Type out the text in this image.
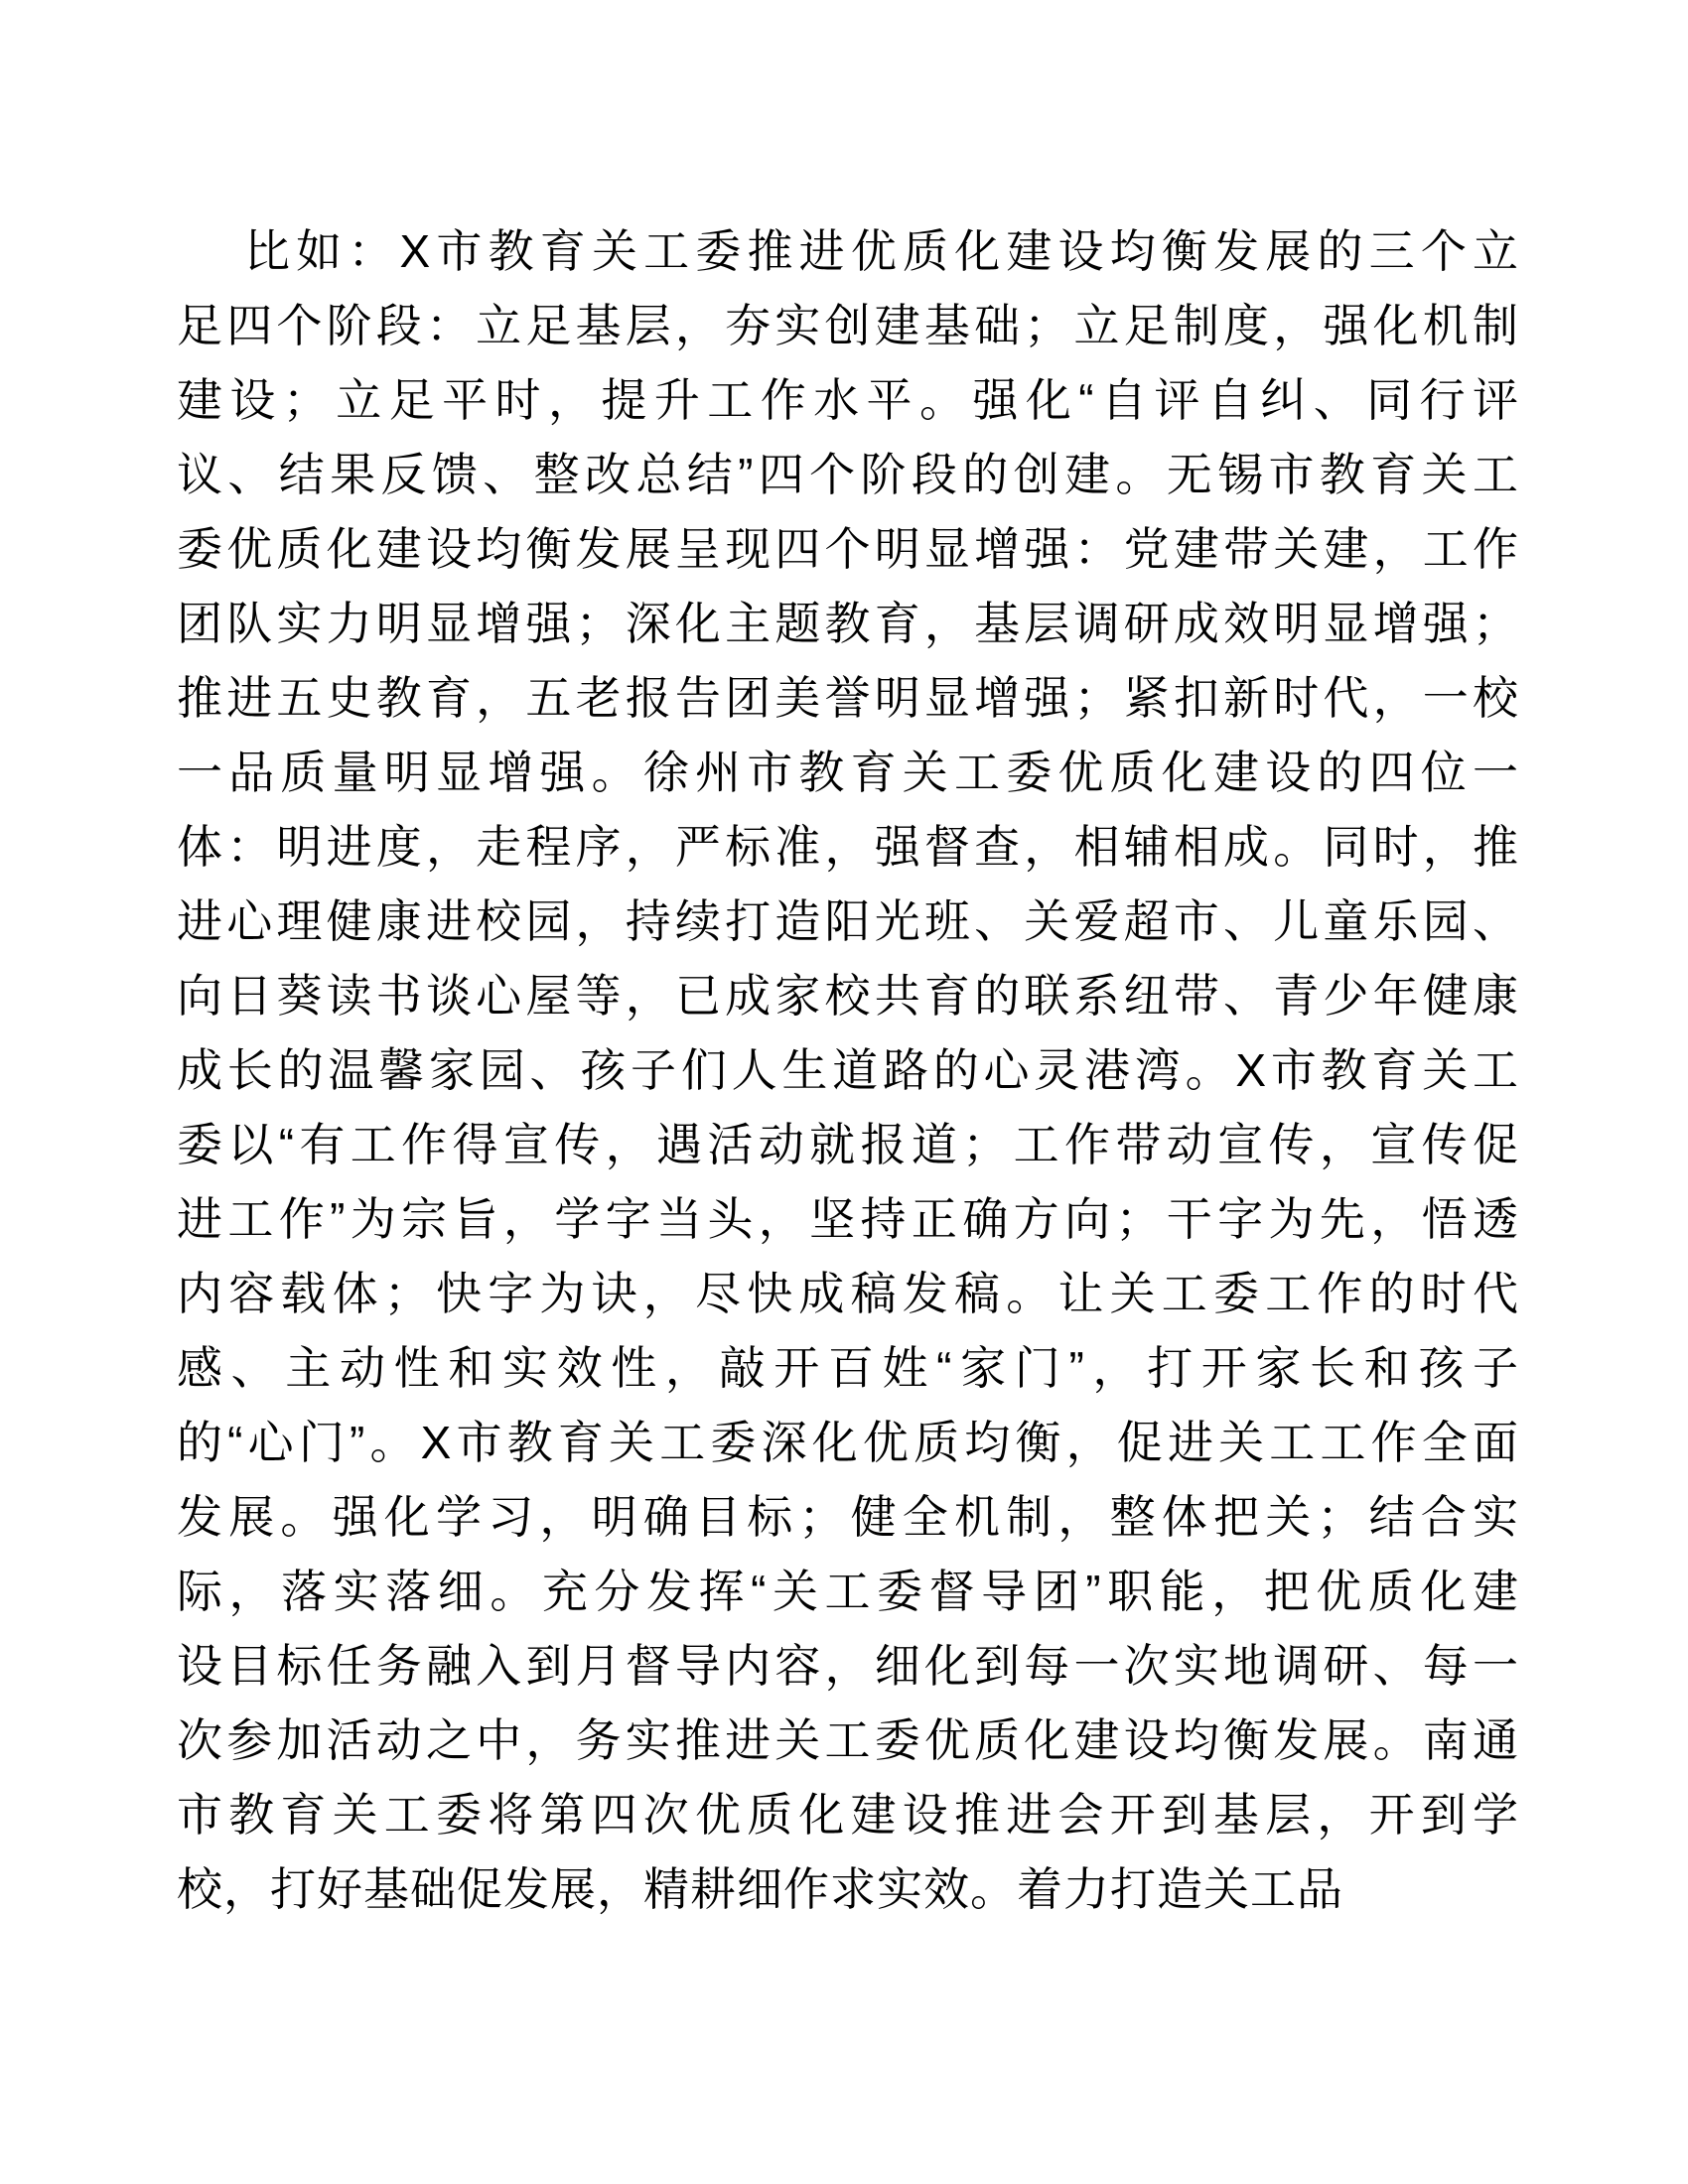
比如：X市教育关工委推进优质化建设均衡发展的三个立
足四个阶段：立足基层，夯实创建基础；立足制度，强化机制
建设；立足平时，提升工作水平。强化“自评自纠、同行评
议、结果反馈、整改总结”四个阶段的创建。无锡市教育关工
委优质化建设均衡发展呈现四个明显增强：党建带关建，工作
团队实力明显增强；深化主题教育，基层调研成效明显增强；
推进五史教育，五老报告团美誉明显增强；紧扣新时代，一校
一品质量明显增强。徐州市教育关工委优质化建设的四位一
体：明进度，走程序，严标准，强督查，相辅相成。同时，推
进心理健康进校园，持续打造阳光班、关爱超市、儿童乐园、
向日葵读书谈心屋等，已成家校共育的联系纽带、青少年健康
成长的温馨家园、孩子们人生道路的心灵港湾。X市教育关工
委以“有工作得宣传，遇活动就报道；工作带动宣传，宣传促
进工作”为宗旨，学字当头，坚持正确方向；干字为先，悟透
内容载体；快字为诀，尽快成稿发稿。让关工委工作的时代
感、主动性和实效性，敲开百姓“家门”，打开家长和孩子
的“心门”。X市教育关工委深化优质均衡，促进关工工作全面
发展。强化学习，明确目标；健全机制，整体把关；结合实
际，落实落细。充分发挥“关工委督导团”职能，把优质化建
设目标任务融入到月督导内容，细化到每一次实地调研、每一
次参加活动之中，务实推进关工委优质化建设均衡发展。南通
市教育关工委将第四次优质化建设推进会开到基层，开到学
校，打好基础促发展，精耕细作求实效。着力打造关工品
